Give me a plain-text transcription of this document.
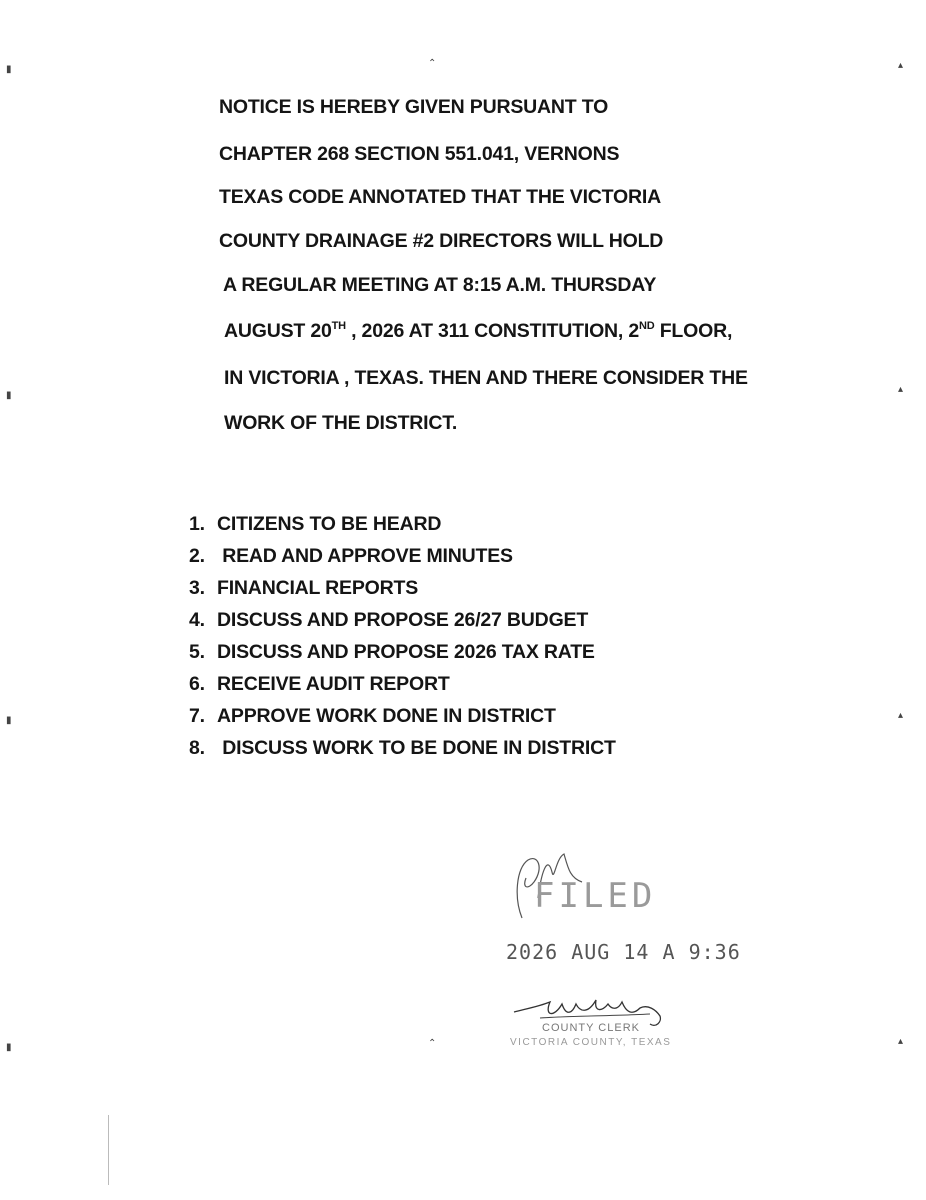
NOTICE IS HEREBY GIVEN PURSUANT TO
CHAPTER 268 SECTION 551.041, VERNONS
TEXAS CODE ANNOTATED THAT THE VICTORIA
COUNTY DRAINAGE #2 DIRECTORS WILL HOLD
A REGULAR MEETING AT 8:15 A.M. THURSDAY
AUGUST 20TH , 2026 AT 311 CONSTITUTION, 2ND FLOOR,
IN VICTORIA , TEXAS. THEN AND THERE CONSIDER THE
WORK OF THE DISTRICT.
1. CITIZENS TO BE HEARD
2. READ AND APPROVE MINUTES
3. FINANCIAL REPORTS
4. DISCUSS AND PROPOSE 26/27 BUDGET
5. DISCUSS AND PROPOSE 2026 TAX RATE
6. RECEIVE AUDIT REPORT
7. APPROVE WORK DONE IN DISTRICT
8. DISCUSS WORK TO BE DONE IN DISTRICT
FILED
2026 AUG 14 A 9:36
COUNTY CLERK
VICTORIA COUNTY, TEXAS
▮	▴
▮
▴
▮	▴
▮
▴
⌃
⌃
